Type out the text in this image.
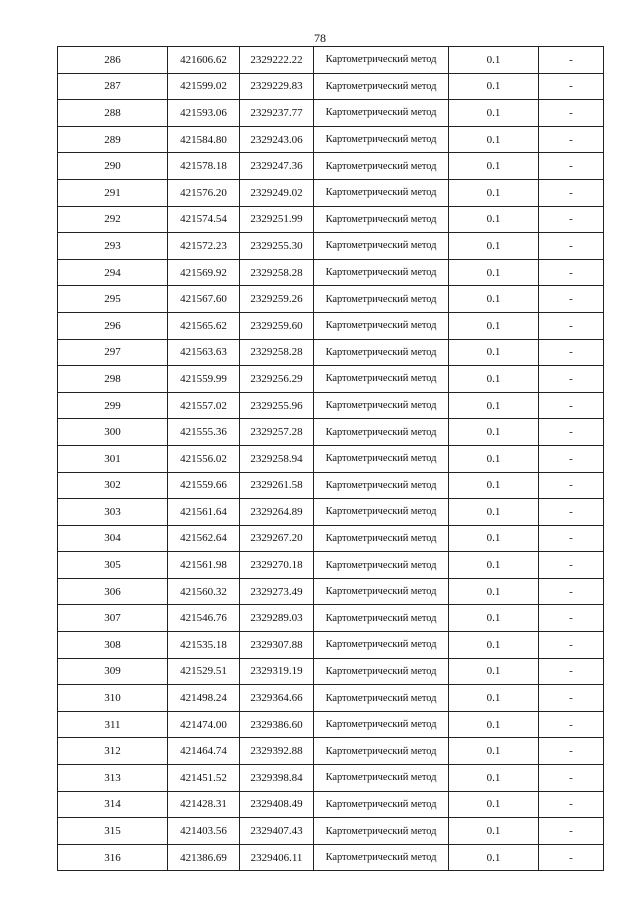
78
286	421606.62	2329222.22	Картометрический метод	0.1	-
287	421599.02	2329229.83	Картометрический метод	0.1	-
288	421593.06	2329237.77	Картометрический метод	0.1	-
289	421584.80	2329243.06	Картометрический метод	0.1	-
290	421578.18	2329247.36	Картометрический метод	0.1	-
291	421576.20	2329249.02	Картометрический метод	0.1	-
292	421574.54	2329251.99	Картометрический метод	0.1	-
293	421572.23	2329255.30	Картометрический метод	0.1	-
294	421569.92	2329258.28	Картометрический метод	0.1	-
295	421567.60	2329259.26	Картометрический метод	0.1	-
296	421565.62	2329259.60	Картометрический метод	0.1	-
297	421563.63	2329258.28	Картометрический метод	0.1	-
298	421559.99	2329256.29	Картометрический метод	0.1	-
299	421557.02	2329255.96	Картометрический метод	0.1	-
300	421555.36	2329257.28	Картометрический метод	0.1	-
301	421556.02	2329258.94	Картометрический метод	0.1	-
302	421559.66	2329261.58	Картометрический метод	0.1	-
303	421561.64	2329264.89	Картометрический метод	0.1	-
304	421562.64	2329267.20	Картометрический метод	0.1	-
305	421561.98	2329270.18	Картометрический метод	0.1	-
306	421560.32	2329273.49	Картометрический метод	0.1	-
307	421546.76	2329289.03	Картометрический метод	0.1	-
308	421535.18	2329307.88	Картометрический метод	0.1	-
309	421529.51	2329319.19	Картометрический метод	0.1	-
310	421498.24	2329364.66	Картометрический метод	0.1	-
311	421474.00	2329386.60	Картометрический метод	0.1	-
312	421464.74	2329392.88	Картометрический метод	0.1	-
313	421451.52	2329398.84	Картометрический метод	0.1	-
314	421428.31	2329408.49	Картометрический метод	0.1	-
315	421403.56	2329407.43	Картометрический метод	0.1	-
316	421386.69	2329406.11	Картометрический метод	0.1	-
